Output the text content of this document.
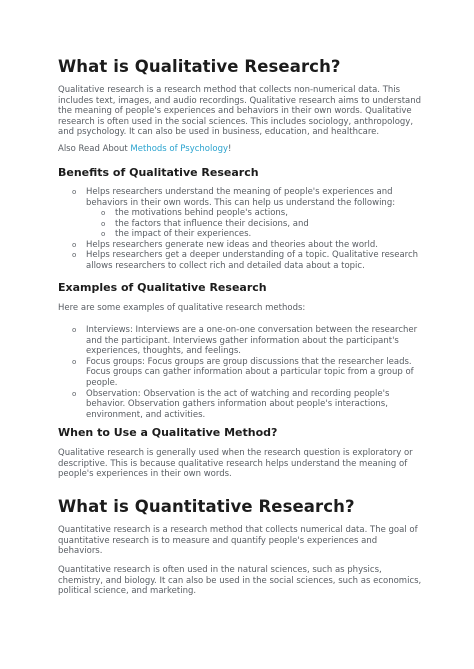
What is Qualitative Research?
Qualitative research is a research method that collects non-numerical data. This
includes text, images, and audio recordings. Qualitative research aims to understand
the meaning of people's experiences and behaviors in their own words. Qualitative
research is often used in the social sciences. This includes sociology, anthropology,
and psychology. It can also be used in business, education, and healthcare.
Also Read About Methods of Psychology!
Benefits of Qualitative Research
o Helps researchers understand the meaning of people's experiences and
behaviors in their own words. This can help us understand the following:
o the motivations behind people's actions,
o the factors that influence their decisions, and
o the impact of their experiences.
o Helps researchers generate new ideas and theories about the world.
o Helps researchers get a deeper understanding of a topic. Qualitative research
allows researchers to collect rich and detailed data about a topic.
Examples of Qualitative Research
Here are some examples of qualitative research methods:
o Interviews: Interviews are a one-on-one conversation between the researcher
and the participant. Interviews gather information about the participant's
experiences, thoughts, and feelings.
o Focus groups: Focus groups are group discussions that the researcher leads.
Focus groups can gather information about a particular topic from a group of
people.
o Observation: Observation is the act of watching and recording people's
behavior. Observation gathers information about people's interactions,
environment, and activities.
When to Use a Qualitative Method?
Qualitative research is generally used when the research question is exploratory or
descriptive. This is because qualitative research helps understand the meaning of
people's experiences in their own words.
What is Quantitative Research?
Quantitative research is a research method that collects numerical data. The goal of
quantitative research is to measure and quantify people's experiences and
behaviors.
Quantitative research is often used in the natural sciences, such as physics,
chemistry, and biology. It can also be used in the social sciences, such as economics,
political science, and marketing.
